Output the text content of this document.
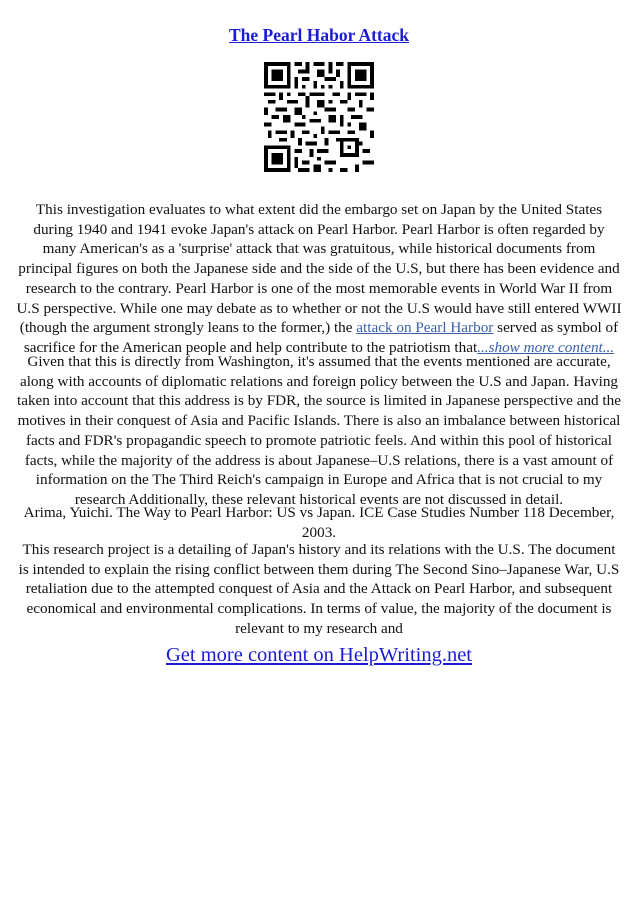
The Pearl Habor Attack
This investigation evaluates to what extent did the embargo set on Japan by the United States during 1940 and 1941 evoke Japan's attack on Pearl Harbor. Pearl Harbor is often regarded by many American's as a 'surprise' attack that was gratuitous, while historical documents from principal figures on both the Japanese side and the side of the U.S, but there has been evidence and research to the contrary. Pearl Harbor is one of the most memorable events in World War II from U.S perspective. While one may debate as to whether or not the U.S would have still entered WWII (though the argument strongly leans to the former,) the attack on Pearl Harbor served as symbol of sacrifice for the American people and help contribute to the patriotism that...show more content...
Given that this is directly from Washington, it's assumed that the events mentioned are accurate, along with accounts of diplomatic relations and foreign policy between the U.S and Japan. Having taken into account that this address is by FDR, the source is limited in Japanese perspective and the motives in their conquest of Asia and Pacific Islands. There is also an imbalance between historical facts and FDR's propagandic speech to promote patriotic feels. And within this pool of historical facts, while the majority of the address is about Japanese–U.S relations, there is a vast amount of information on the The Third Reich's campaign in Europe and Africa that is not crucial to my research Additionally, these relevant historical events are not discussed in detail.
Arima, Yuichi. The Way to Pearl Harbor: US vs Japan. ICE Case Studies Number 118 December, 2003.
This research project is a detailing of Japan's history and its relations with the U.S. The document is intended to explain the rising conflict between them during The Second Sino–Japanese War, U.S retaliation due to the attempted conquest of Asia and the Attack on Pearl Harbor, and subsequent economical and environmental complications. In terms of value, the majority of the document is relevant to my research and
Get more content on HelpWriting.net
